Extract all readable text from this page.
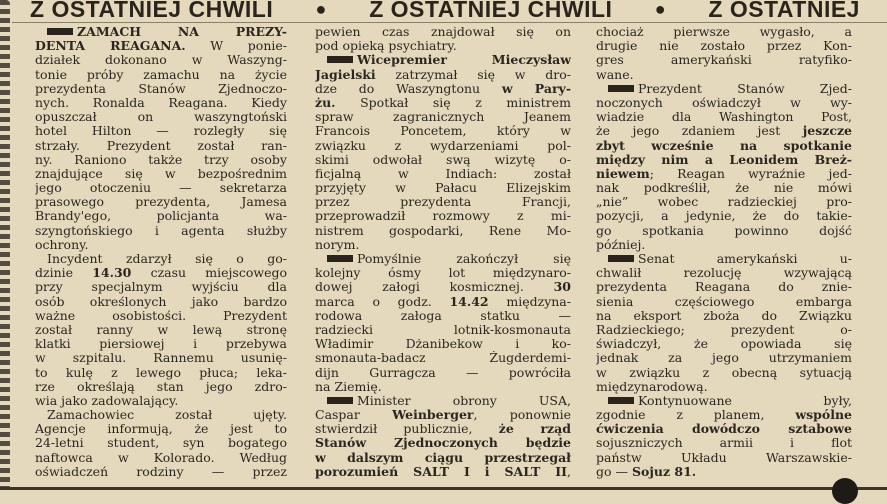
Z OSTATNIEJ CHWILI	● Z OSTATNIEJ CHWILI	● Z OSTATNIEJ
ZAMACH NA PREZY-
DENTA REAGANA. W ponie-
działek dokonano w Waszyng-
tonie próby zamachu na życie
prezydenta Stanów Zjednoczo-
nych. Ronalda Reagana. Kiedy
opuszczał on waszyngtoński
hotel Hilton — rozległy się
strzały. Prezydent został ran-
ny. Raniono także trzy osoby
znajdujące się w bezpośrednim
jego otoczeniu — sekretarza
prasowego prezydenta, Jamesa
Brandy'ego, policjanta wa-
szyngtońskiego i agenta służby
ochrony.
Incydent zdarzył się o go-
dzinie 14.30 czasu miejscowego
przy specjalnym wyjściu dla
osób określonych jako bardzo
ważne osobistości. Prezydent
został ranny w lewą stronę
klatki piersiowej i przebywa
w szpitalu. Rannemu usunię-
to kulę z lewego płuca; leka-
rze określają stan jego zdro-
wia jako zadowalający.
Zamachowiec został ujęty.
Agencje informują, że jest to
24-letni student, syn bogatego
naftowca w Kolorado. Według
oświadczeń rodziny — przez
pewien czas znajdował się on
pod opieką psychiatry.
Wicepremier Mieczysław
Jagielski zatrzymał się w dro-
dze do Waszyngtonu w Pary-
żu. Spotkał się z ministrem
spraw zagranicznych Jeanem
Francois Poncetem, który w
związku z wydarzeniami pol-
skimi odwołał swą wizytę o-
ficjalną w Indiach: został
przyjęty w Pałacu Elizejskim
przez prezydenta Francji,
przeprowadził rozmowy z mi-
nistrem gospodarki, Rene Mo-
norym.
Pomyślnie zakończył się
kolejny ósmy lot międzynaro-
dowej załogi kosmicznej. 30
marca o godz. 14.42 międzyna-
rodowa załoga statku —
radziecki lotnik-kosmonauta
Władimir Dżanibekow i ko-
smonauta-badacz Żugderdemi-
dijn Gurragcza — powróciła
na Ziemię.
Minister obrony USA,
Caspar Weinberger, ponownie
stwierdził publicznie, że rząd
Stanów Zjednoczonych będzie
w dalszym ciągu przestrzegał
porozumień SALT I i SALT II,
chociaż pierwsze wygasło, a
drugie nie zostało przez Kon-
gres amerykański ratyfiko-
wane.
Prezydent Stanów Zjed-
noczonych oświadczył w wy-
wiadzie dla Washington Post,
że jego zdaniem jest jeszcze
zbyt wcześnie na spotkanie
między nim a Leonidem Breż-
niewem; Reagan wyraźnie jed-
nak podkreślił, że nie mówi
„nie” wobec radzieckiej pro-
pozycji, a jedynie, że do takie-
go spotkania powinno dojść
później.
Senat amerykański u-
chwalił rezolucję wzywającą
prezydenta Reagana do znie-
sienia częściowego embarga
na eksport zboża do Związku
Radzieckiego; prezydent o-
świadczył, że opowiada się
jednak za jego utrzymaniem
w związku z obecną sytuacją
międzynarodową.
Kontynuowane były,
zgodnie z planem, wspólne
ćwiczenia dowódczo sztabowe
sojuszniczych armii i flot
państw Układu Warszawskie-
go — Sojuz 81.
